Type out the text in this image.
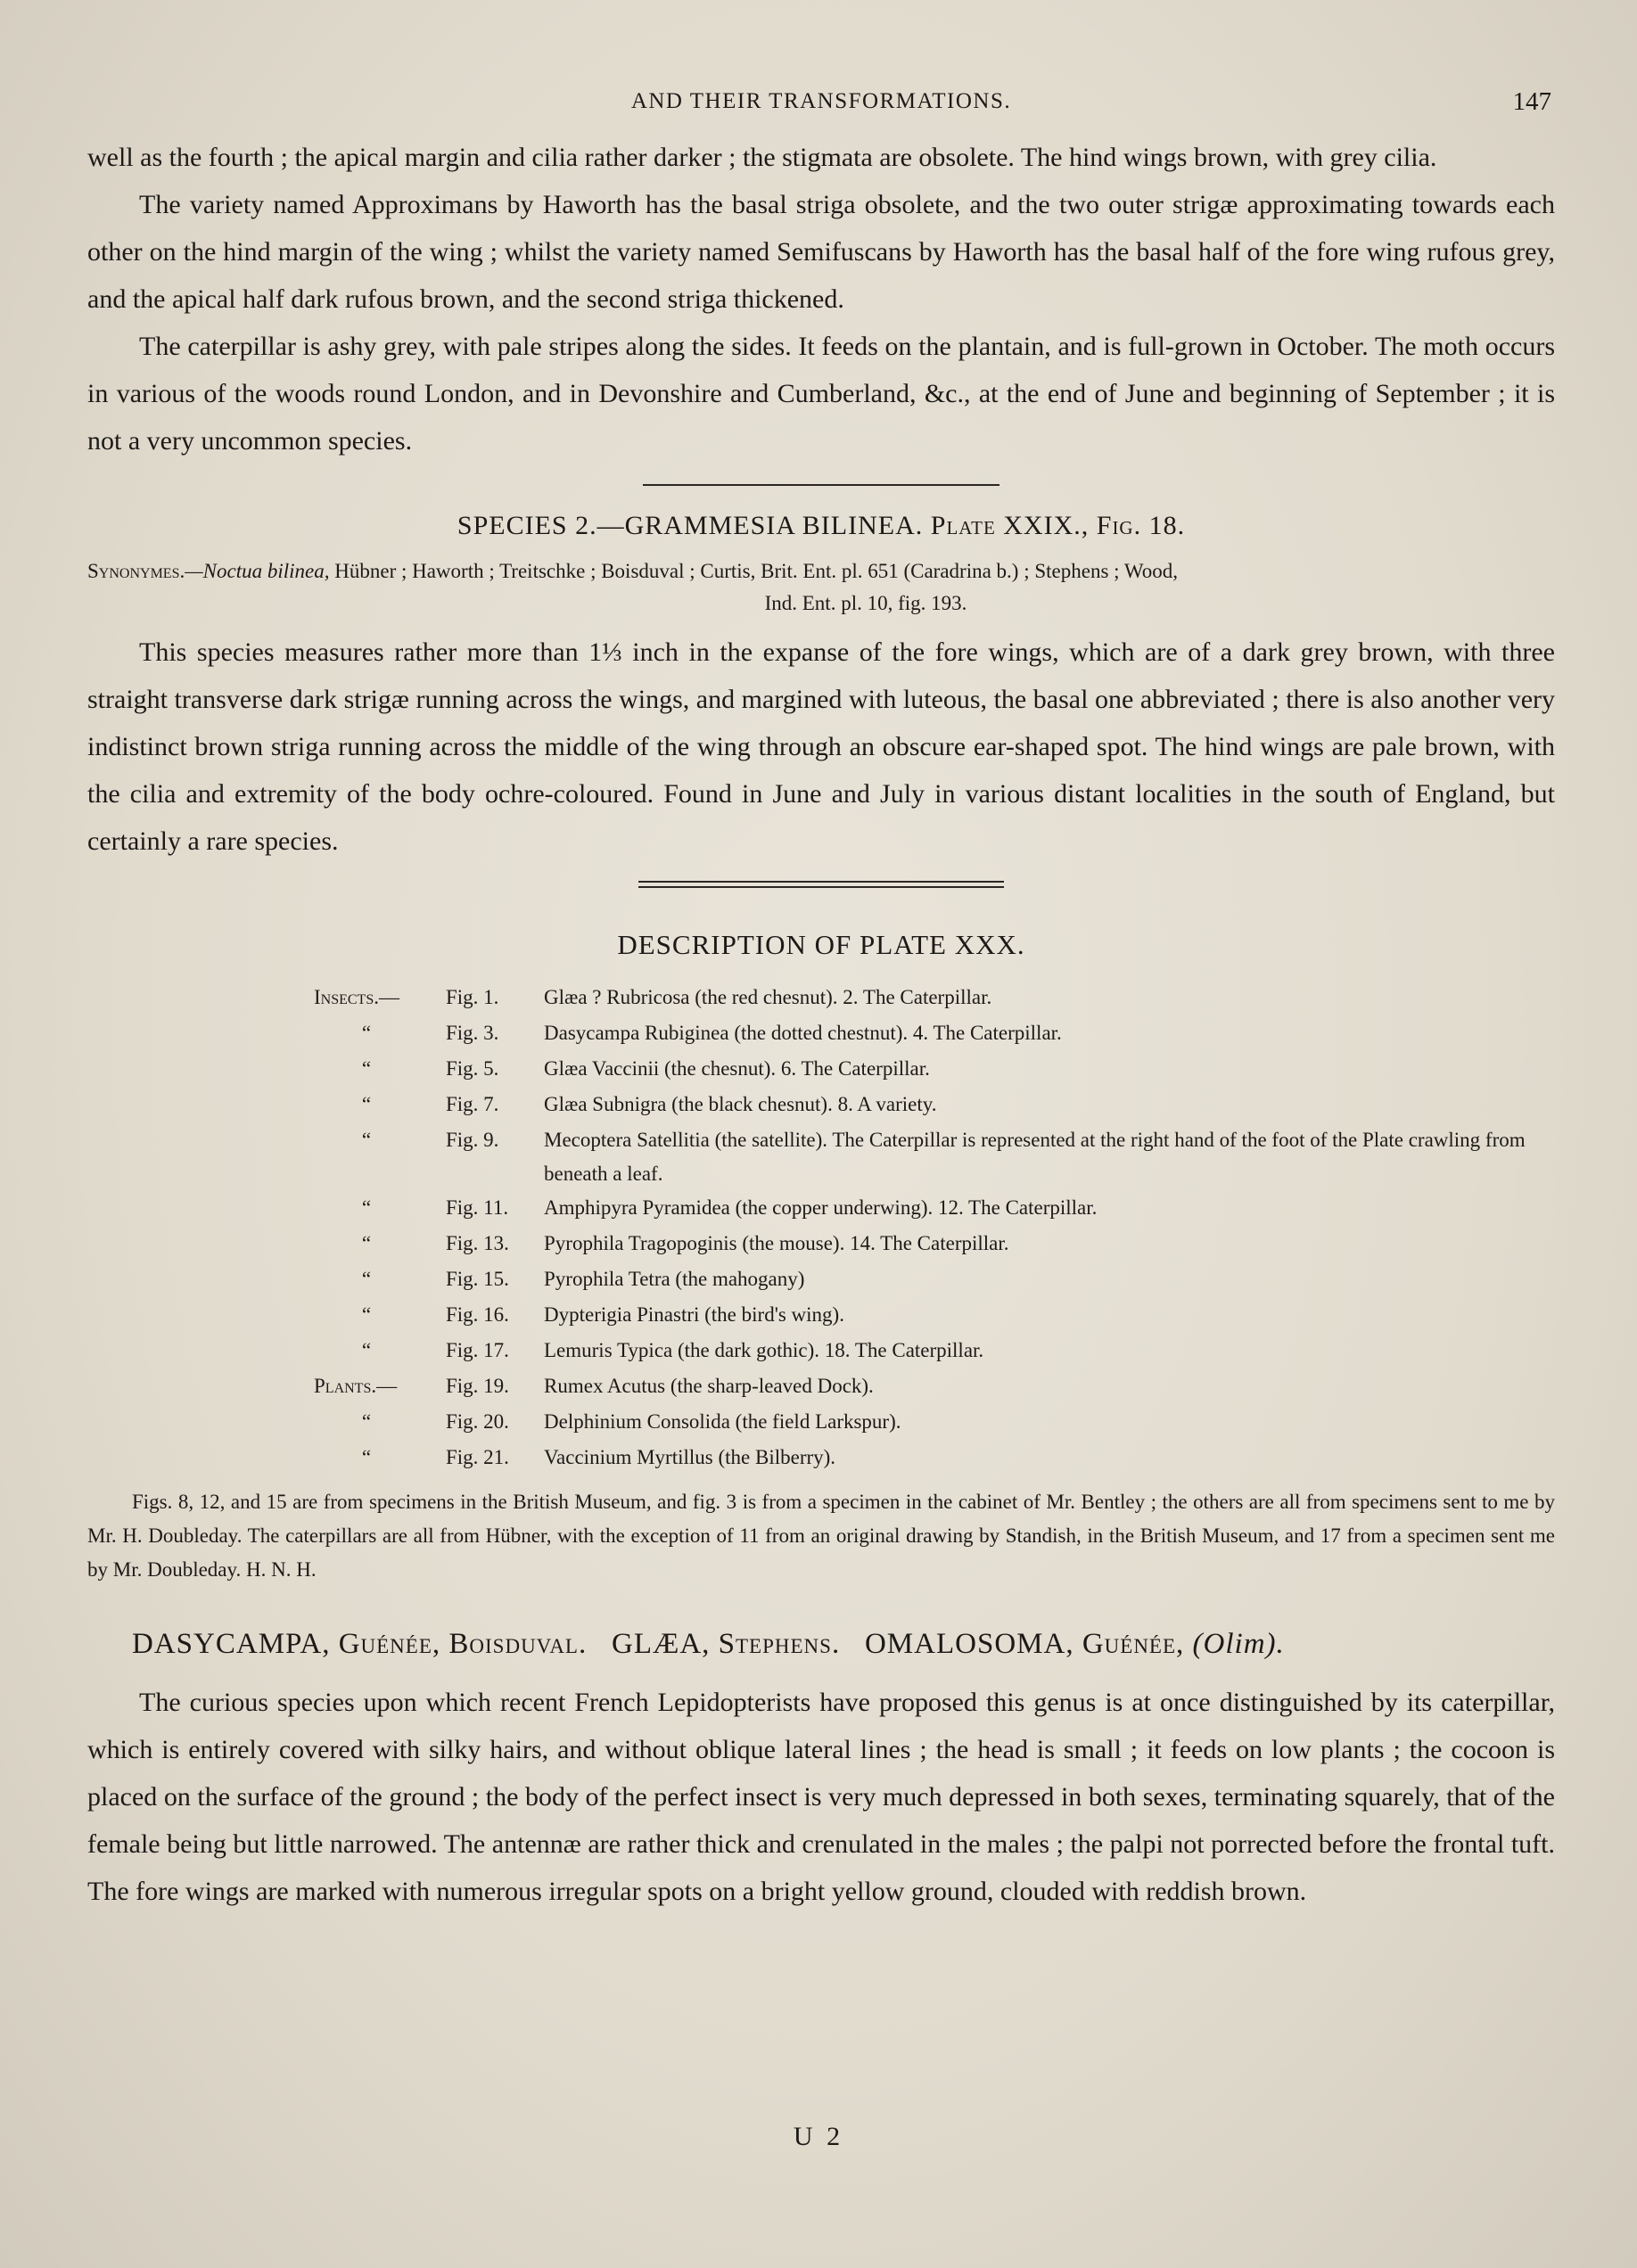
AND THEIR TRANSFORMATIONS.	147

well as the fourth ; the apical margin and cilia rather darker ; the stigmata are obsolete. The hind wings brown, with grey cilia.

The variety named Approximans by Haworth has the basal striga obsolete, and the two outer strigæ approximating towards each other on the hind margin of the wing ; whilst the variety named Semifuscans by Haworth has the basal half of the fore wing rufous grey, and the apical half dark rufous brown, and the second striga thickened.

The caterpillar is ashy grey, with pale stripes along the sides. It feeds on the plantain, and is full-grown in October. The moth occurs in various of the woods round London, and in Devonshire and Cumberland, &c., at the end of June and beginning of September ; it is not a very uncommon species.

SPECIES 2.—GRAMMESIA BILINEA. Plate XXIX., Fig. 18.
Synonymes.—Noctua bilinea, Hübner ; Haworth ; Treitschke ; Boisduval ; Curtis, Brit. Ent. pl. 651 (Caradrina b.) ; Stephens ; Wood,
Ind. Ent. pl. 10, fig. 193.

This species measures rather more than 1⅓ inch in the expanse of the fore wings, which are of a dark grey brown, with three straight transverse dark strigæ running across the wings, and margined with luteous, the basal one abbreviated ; there is also another very indistinct brown striga running across the middle of the wing through an obscure ear-shaped spot. The hind wings are pale brown, with the cilia and extremity of the body ochre-coloured. Found in June and July in various distant localities in the south of England, but certainly a rare species.

DESCRIPTION OF PLATE XXX.
Insects.—	Fig. 1.	Glæa ? Rubricosa (the red chesnut). 2. The Caterpillar.
“	Fig. 3.	Dasycampa Rubiginea (the dotted chestnut). 4. The Caterpillar.
“	Fig. 5.	Glæa Vaccinii (the chesnut). 6. The Caterpillar.
“	Fig. 7.	Glæa Subnigra (the black chesnut). 8. A variety.
“	Fig. 9.	Mecoptera Satellitia (the satellite). The Caterpillar is represented at the right hand of the foot of the Plate crawling from beneath a leaf.
“	Fig. 11.	Amphipyra Pyramidea (the copper underwing). 12. The Caterpillar.
“	Fig. 13.	Pyrophila Tragopoginis (the mouse). 14. The Caterpillar.
“	Fig. 15.	Pyrophila Tetra (the mahogany)
“	Fig. 16.	Dypterigia Pinastri (the bird's wing).
“	Fig. 17.	Lemuris Typica (the dark gothic). 18. The Caterpillar.
Plants.—	Fig. 19.	Rumex Acutus (the sharp-leaved Dock).
“	Fig. 20.	Delphinium Consolida (the field Larkspur).
“	Fig. 21.	Vaccinium Myrtillus (the Bilberry).

Figs. 8, 12, and 15 are from specimens in the British Museum, and fig. 3 is from a specimen in the cabinet of Mr. Bentley ; the others are all from specimens sent to me by Mr. H. Doubleday. The caterpillars are all from Hübner, with the exception of 11 from an original drawing by Standish, in the British Museum, and 17 from a specimen sent me by Mr. Doubleday. H. N. H.

DASYCAMPA, Guénée, Boisduval. GLÆA, Stephens. OMALOSOMA, Guénée, (Olim).

The curious species upon which recent French Lepidopterists have proposed this genus is at once distinguished by its caterpillar, which is entirely covered with silky hairs, and without oblique lateral lines ; the head is small ; it feeds on low plants ; the cocoon is placed on the surface of the ground ; the body of the perfect insect is very much depressed in both sexes, terminating squarely, that of the female being but little narrowed. The antennæ are rather thick and crenulated in the males ; the palpi not porrected before the frontal tuft. The fore wings are marked with numerous irregular spots on a bright yellow ground, clouded with reddish brown.

U 2
